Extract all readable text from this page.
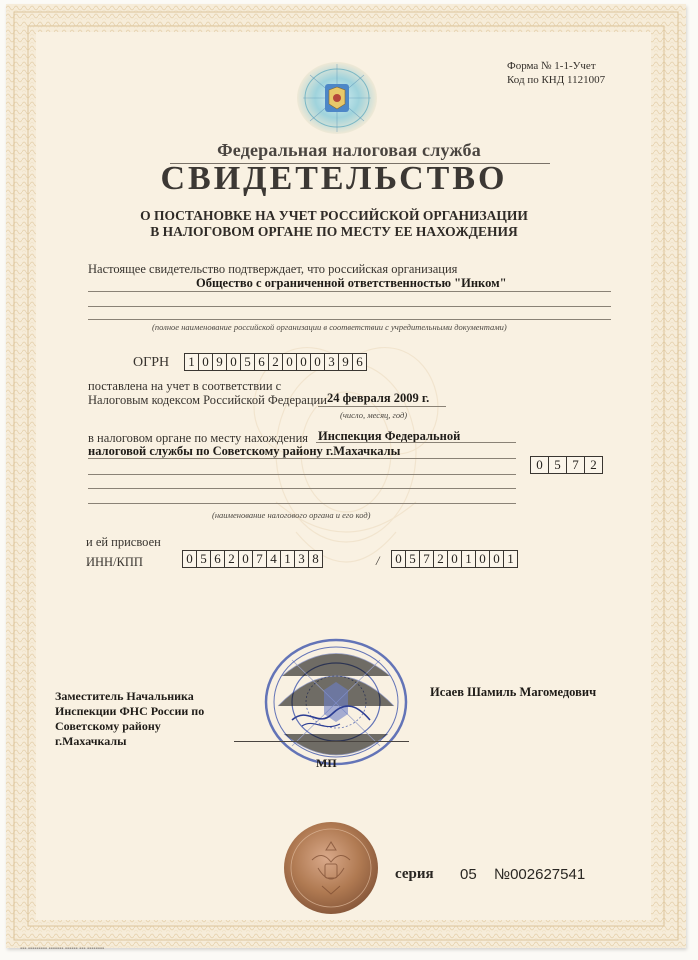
Форма № 1-1-Учет
Код по КНД 1121007
Федеральная налоговая служба
СВИДЕТЕЛЬСТВО
О ПОСТАНОВКЕ НА УЧЕТ РОССИЙСКОЙ ОРГАНИЗАЦИИ
В НАЛОГОВОМ ОРГАНЕ ПО МЕСТУ ЕЕ НАХОЖДЕНИЯ
Настоящее свидетельство подтверждает, что российская организация
Общество с ограниченной ответственностью "Инком"
(полное наименование российской организации в соответствии с учредительными документами)
ОГРН	1 0 9 0 5 6 2 0 0 0 3 9 6
поставлена на учет в соответствии с
Налоговым кодексом Российской Федерации 24 февраля 2009 г.
(число, месяц, год)
в налоговом органе по месту нахождения Инспекция Федеральной
налоговой службы по Советскому району г.Махачкалы
0 5 7 2
(наименование налогового органа и его код)
и ей присвоен
ИНН/КПП	0 5 6 2 0 7 4 1 3 8	/	0 5 7 2 0 1 0 0 1
Заместитель Начальника
Инспекции ФНС России по
Советскому району
г.Махачкалы
Исаев Шамиль Магомедович
МП
серия 05 №002627541
▪▪▪ ▪▪▪▪▪▪▪▪▪ ▪▪▪▪▪▪▪ ▪▪▪▪▪▪ ▪▪▪ ▪▪▪▪▪▪▪▪
